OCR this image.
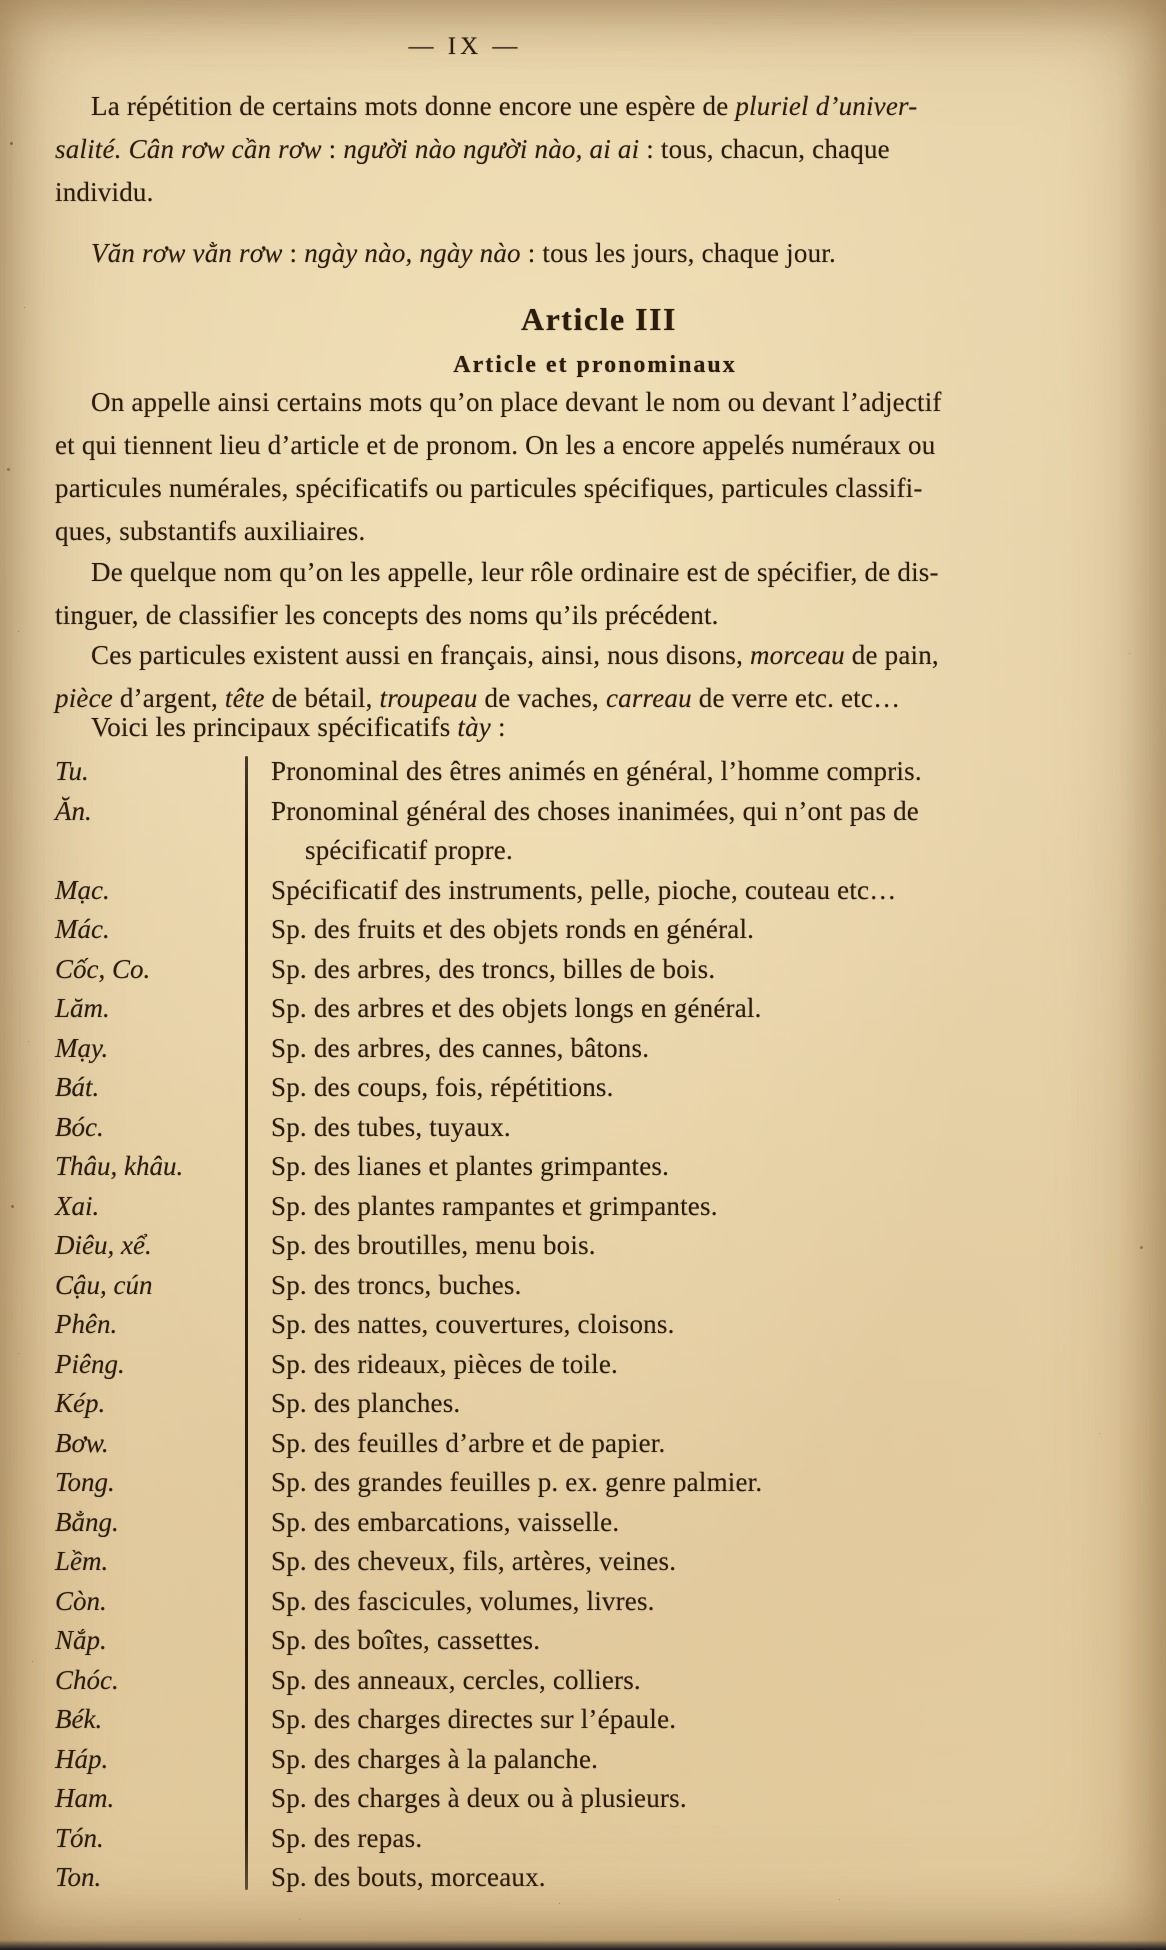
— IX —
La répétition de certains mots donne encore une espère de pluriel d’univer-
salité. Cân rơw cần rơw : người nào người nào, ai ai : tous, chacun, chaque
individu.
Văn rơw vằn rơw : ngày nào, ngày nào : tous les jours, chaque jour.
Article III
Article et pronominaux
On appelle ainsi certains mots qu’on place devant le nom ou devant l’adjectif
et qui tiennent lieu d’article et de pronom. On les a encore appelés numéraux ou
particules numérales, spécificatifs ou particules spécifiques, particules classifi-
ques, substantifs auxiliaires.
De quelque nom qu’on les appelle, leur rôle ordinaire est de spécifier, de dis-
tinguer, de classifier les concepts des noms qu’ils précédent.
Ces particules existent aussi en français, ainsi, nous disons, morceau de pain,
pièce d’argent, tête de bétail, troupeau de vaches, carreau de verre etc. etc…
Voici les principaux spécificatifs tày :
Tu.	Pronominal des êtres animés en général, l’homme compris.
Ăn.	Pronominal général des choses inanimées, qui n’ont pas de
spécificatif propre.
Mạc.	Spécificatif des instruments, pelle, pioche, couteau etc…
Mác.	Sp. des fruits et des objets ronds en général.
Cốc, Co.	Sp. des arbres, des troncs, billes de bois.
Lăm.	Sp. des arbres et des objets longs en général.
Mạy.	Sp. des arbres, des cannes, bâtons.
Bát.	Sp. des coups, fois, répétitions.
Bóc.	Sp. des tubes, tuyaux.
Thâu, khâu.	Sp. des lianes et plantes grimpantes.
Xai.	Sp. des plantes rampantes et grimpantes.
Diêu, xể.	Sp. des broutilles, menu bois.
Cậu, cún	Sp. des troncs, buches.
Phên.	Sp. des nattes, couvertures, cloisons.
Piêng.	Sp. des rideaux, pièces de toile.
Kép.	Sp. des planches.
Bơw.	Sp. des feuilles d’arbre et de papier.
Tong.	Sp. des grandes feuilles p. ex. genre palmier.
Bẳng.	Sp. des embarcations, vaisselle.
Lềm.	Sp. des cheveux, fils, artères, veines.
Còn.	Sp. des fascicules, volumes, livres.
Nắp.	Sp. des boîtes, cassettes.
Chóc.	Sp. des anneaux, cercles, colliers.
Bék.	Sp. des charges directes sur l’épaule.
Háp.	Sp. des charges à la palanche.
Ham.	Sp. des charges à deux ou à plusieurs.
Tón.	Sp. des repas.
Ton.	Sp. des bouts, morceaux.
